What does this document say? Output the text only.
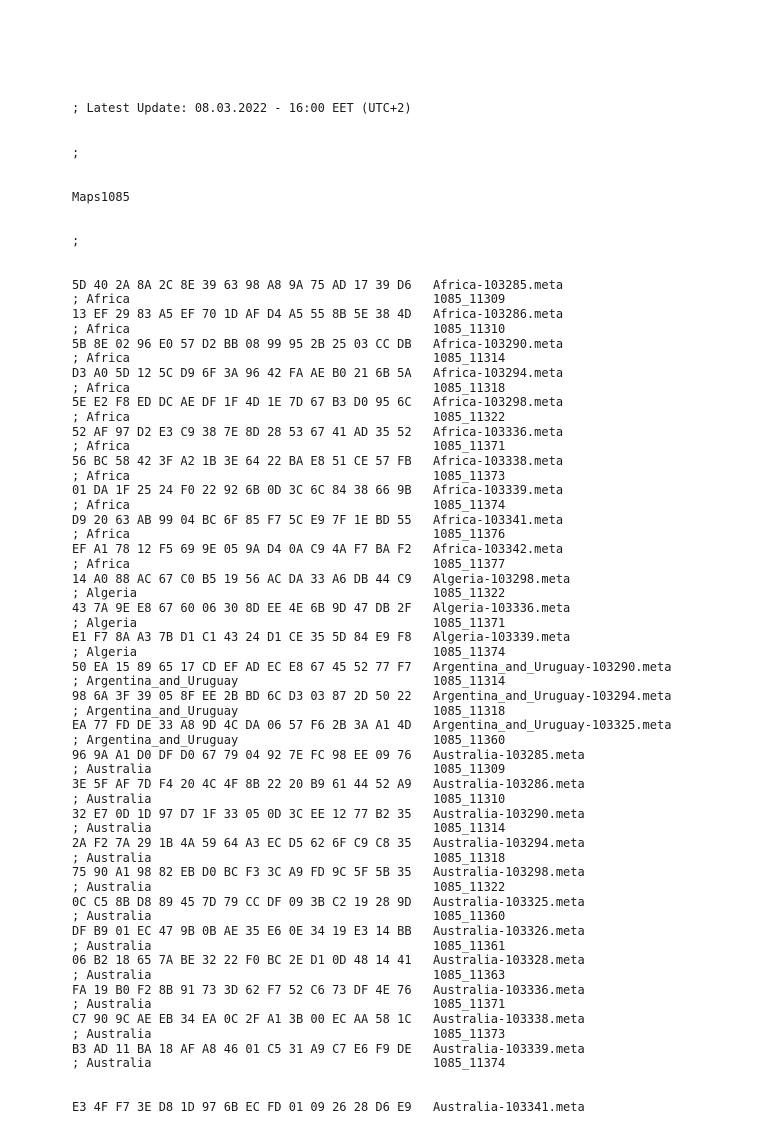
; Latest Update: 08.03.2022 - 16:00 EET (UTC+2)

;

Maps1085

;

5D 40 2A 8A 2C 8E 39 63 98 A8 9A 75 AD 17 39 D6	Africa-103285.meta
; Africa	1085_11309
13 EF 29 83 A5 EF 70 1D AF D4 A5 55 8B 5E 38 4D	Africa-103286.meta
; Africa	1085_11310
5B 8E 02 96 E0 57 D2 BB 08 99 95 2B 25 03 CC DB	Africa-103290.meta
; Africa	1085_11314
D3 A0 5D 12 5C D9 6F 3A 96 42 FA AE B0 21 6B 5A	Africa-103294.meta
; Africa	1085_11318
5E E2 F8 ED DC AE DF 1F 4D 1E 7D 67 B3 D0 95 6C	Africa-103298.meta
; Africa	1085_11322
52 AF 97 D2 E3 C9 38 7E 8D 28 53 67 41 AD 35 52	Africa-103336.meta
; Africa	1085_11371
56 BC 58 42 3F A2 1B 3E 64 22 BA E8 51 CE 57 FB	Africa-103338.meta
; Africa	1085_11373
01 DA 1F 25 24 F0 22 92 6B 0D 3C 6C 84 38 66 9B	Africa-103339.meta
; Africa	1085_11374
D9 20 63 AB 99 04 BC 6F 85 F7 5C E9 7F 1E BD 55	Africa-103341.meta
; Africa	1085_11376
EF A1 78 12 F5 69 9E 05 9A D4 0A C9 4A F7 BA F2	Africa-103342.meta
; Africa	1085_11377
14 A0 88 AC 67 C0 B5 19 56 AC DA 33 A6 DB 44 C9	Algeria-103298.meta
; Algeria	1085_11322
43 7A 9E E8 67 60 06 30 8D EE 4E 6B 9D 47 DB 2F	Algeria-103336.meta
; Algeria	1085_11371
E1 F7 8A A3 7B D1 C1 43 24 D1 CE 35 5D 84 E9 F8	Algeria-103339.meta
; Algeria	1085_11374
50 EA 15 89 65 17 CD EF AD EC E8 67 45 52 77 F7	Argentina_and_Uruguay-103290.meta
; Argentina_and_Uruguay	1085_11314
98 6A 3F 39 05 8F EE 2B BD 6C D3 03 87 2D 50 22	Argentina_and_Uruguay-103294.meta
; Argentina_and_Uruguay	1085_11318
EA 77 FD DE 33 A8 9D 4C DA 06 57 F6 2B 3A A1 4D	Argentina_and_Uruguay-103325.meta
; Argentina_and_Uruguay	1085_11360
96 9A A1 D0 DF D0 67 79 04 92 7E FC 98 EE 09 76	Australia-103285.meta
; Australia	1085_11309
3E 5F AF 7D F4 20 4C 4F 8B 22 20 B9 61 44 52 A9	Australia-103286.meta
; Australia	1085_11310
32 E7 0D 1D 97 D7 1F 33 05 0D 3C EE 12 77 B2 35	Australia-103290.meta
; Australia	1085_11314
2A F2 7A 29 1B 4A 59 64 A3 EC D5 62 6F C9 C8 35	Australia-103294.meta
; Australia	1085_11318
75 90 A1 98 82 EB D0 BC F3 3C A9 FD 9C 5F 5B 35	Australia-103298.meta
; Australia	1085_11322
0C C5 8B D8 89 45 7D 79 CC DF 09 3B C2 19 28 9D	Australia-103325.meta
; Australia	1085_11360
DF B9 01 EC 47 9B 0B AE 35 E6 0E 34 19 E3 14 BB	Australia-103326.meta
; Australia	1085_11361
06 B2 18 65 7A BE 32 22 F0 BC 2E D1 0D 48 14 41	Australia-103328.meta
; Australia	1085_11363
FA 19 B0 F2 8B 91 73 3D 62 F7 52 C6 73 DF 4E 76	Australia-103336.meta
; Australia	1085_11371
C7 90 9C AE EB 34 EA 0C 2F A1 3B 00 EC AA 58 1C	Australia-103338.meta
; Australia	1085_11373
B3 AD 11 BA 18 AF A8 46 01 C5 31 A9 C7 E6 F9 DE	Australia-103339.meta
; Australia	1085_11374

E3 4F F7 3E D8 1D 97 6B EC FD 01 09 26 28 D6 E9	Australia-103341.meta
